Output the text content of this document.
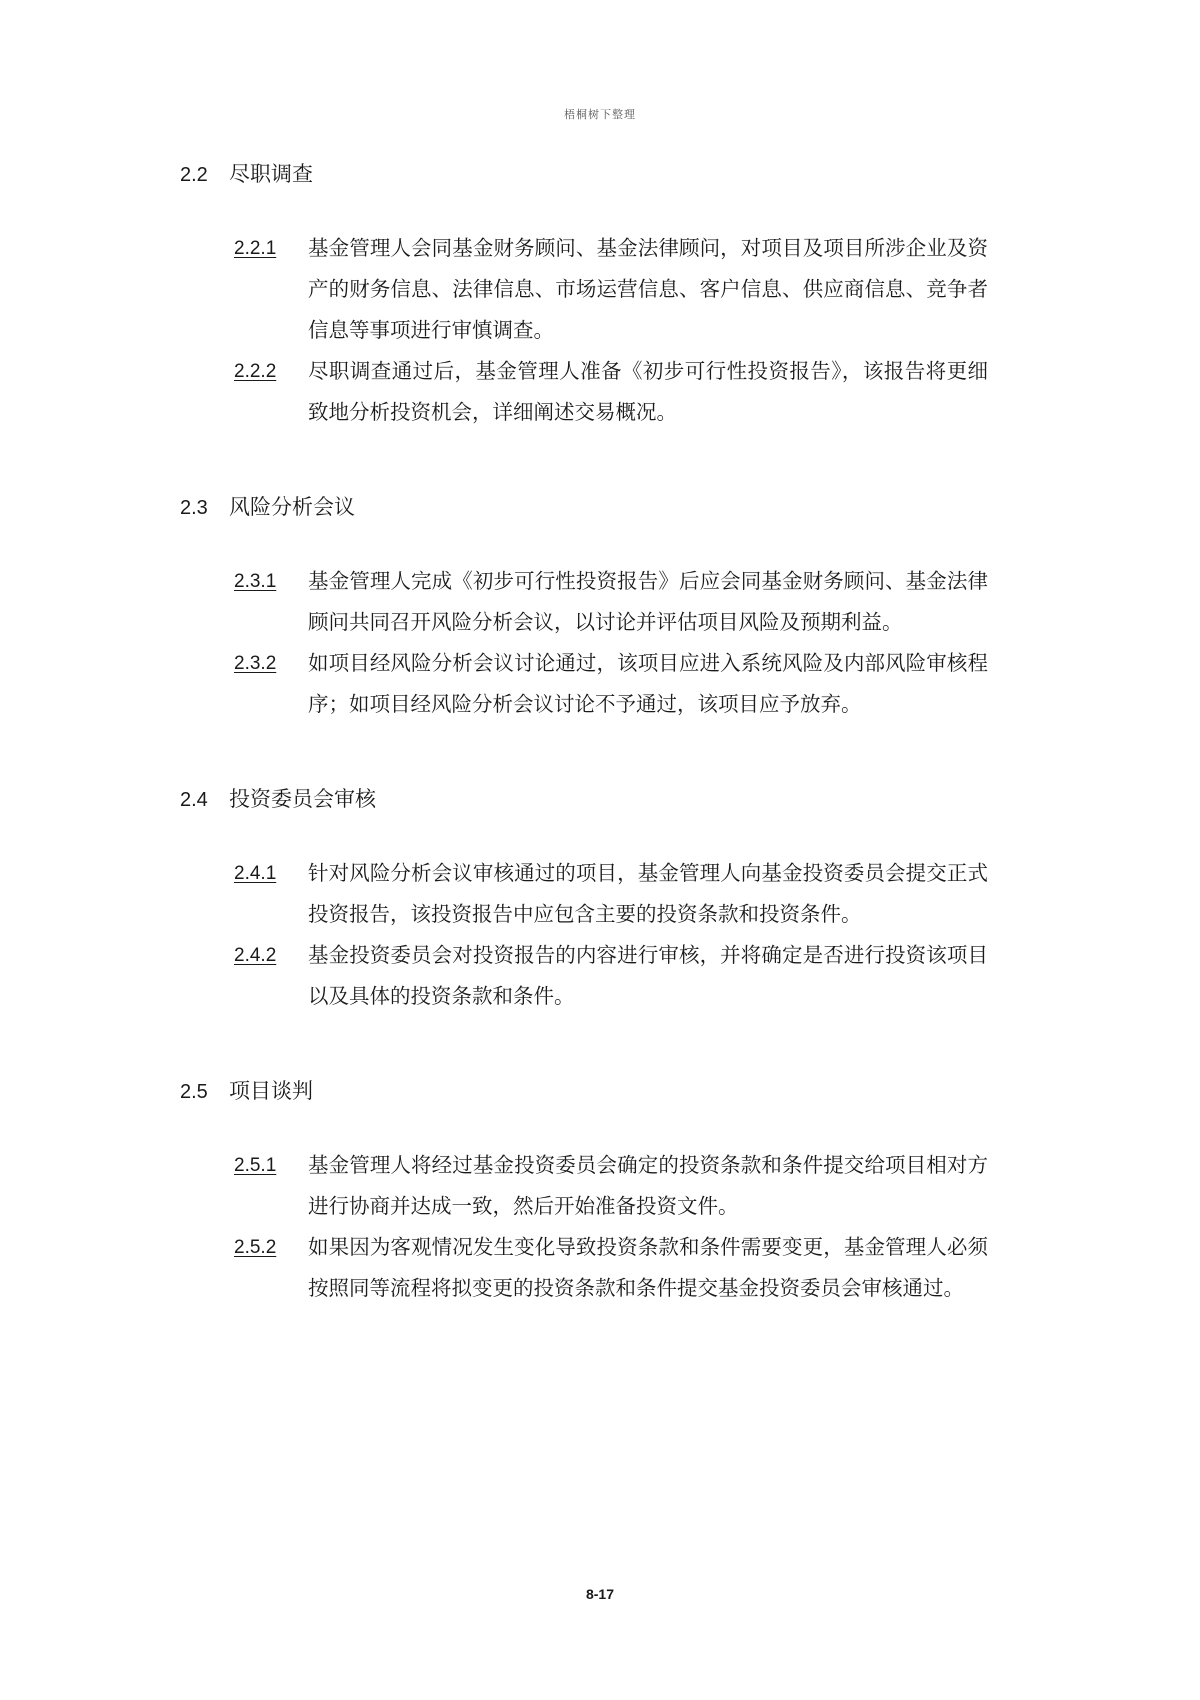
梧桐树下整理
2.2	尽职调查
2.2.1 基金管理人会同基金财务顾问、基金法律顾问，对项目及项目所涉企业及资产的财务信息、法律信息、市场运营信息、客户信息、供应商信息、竞争者信息等事项进行审慎调查。
2.2.2 尽职调查通过后，基金管理人准备《初步可行性投资报告》，该报告将更细致地分析投资机会，详细阐述交易概况。
2.3	风险分析会议
2.3.1 基金管理人完成《初步可行性投资报告》后应会同基金财务顾问、基金法律顾问共同召开风险分析会议，以讨论并评估项目风险及预期利益。
2.3.2 如项目经风险分析会议讨论通过，该项目应进入系统风险及内部风险审核程序；如项目经风险分析会议讨论不予通过，该项目应予放弃。
2.4	投资委员会审核
2.4.1 针对风险分析会议审核通过的项目，基金管理人向基金投资委员会提交正式投资报告，该投资报告中应包含主要的投资条款和投资条件。
2.4.2 基金投资委员会对投资报告的内容进行审核，并将确定是否进行投资该项目以及具体的投资条款和条件。
2.5	项目谈判
2.5.1 基金管理人将经过基金投资委员会确定的投资条款和条件提交给项目相对方进行协商并达成一致，然后开始准备投资文件。
2.5.2 如果因为客观情况发生变化导致投资条款和条件需要变更，基金管理人必须按照同等流程将拟变更的投资条款和条件提交基金投资委员会审核通过。
8-17
